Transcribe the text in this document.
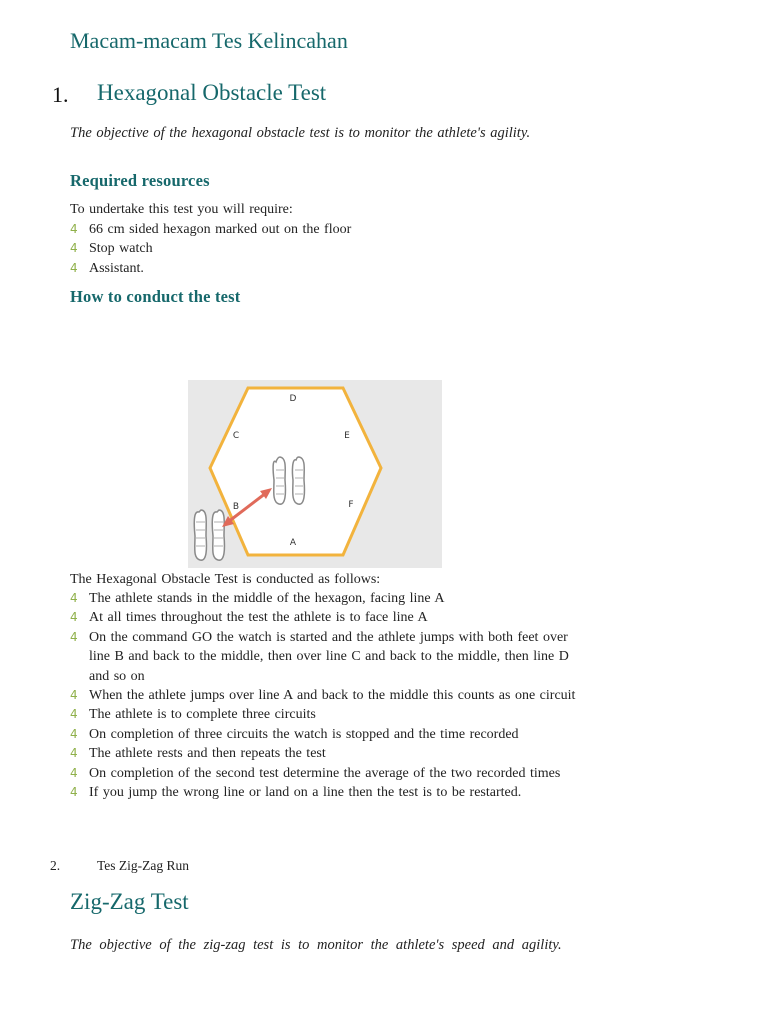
Macam-macam Tes Kelincahan
1. Hexagonal Obstacle Test
The objective of the hexagonal obstacle test is to monitor the athlete's agility.
Required resources
To undertake this test you will require:
4 66 cm sided hexagon marked out on the floor
4 Stop watch
4 Assistant.
How to conduct the test
D
C	E
B	F
A
The Hexagonal Obstacle Test is conducted as follows:
4 The athlete stands in the middle of the hexagon, facing line A
4 At all times throughout the test the athlete is to face line A
4 On the command GO the watch is started and the athlete jumps with both feet over line B and back to the middle, then over line C and back to the middle, then line D and so on
4 When the athlete jumps over line A and back to the middle this counts as one circuit
4 The athlete is to complete three circuits
4 On completion of three circuits the watch is stopped and the time recorded
4 The athlete rests and then repeats the test
4 On completion of the second test determine the average of the two recorded times
4 If you jump the wrong line or land on a line then the test is to be restarted.
2.	Tes Zig-Zag Run
Zig-Zag Test
The objective of the zig-zag test is to monitor the athlete's speed and agility.
